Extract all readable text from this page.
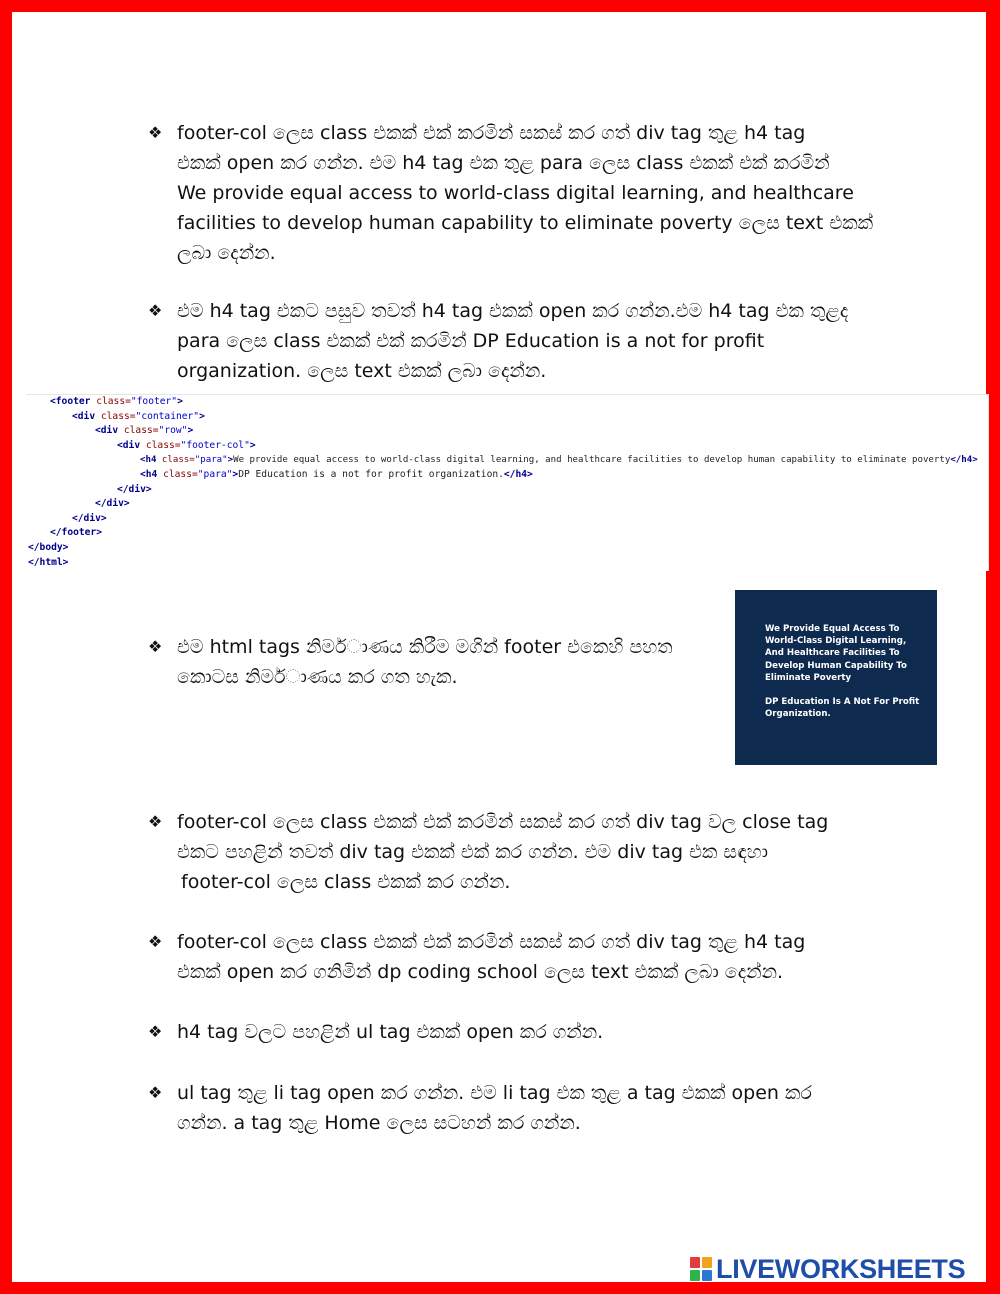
❖ footer-col ලෙස class එකක් එක් කරමින් සකස් කර ගත් div tag තුළ h4 tag
එකක් open කර ගන්න. එම h4 tag එක තුළ para ලෙස class එකක් එක් කරමින්
We provide equal access to world-class digital learning, and healthcare
facilities to develop human capability to eliminate poverty ලෙස text එකක්
ලබා දෙන්න.
❖ එම h4 tag එකට පසුව තවත් h4 tag එකක් open කර ගන්න.එම h4 tag එක තුළද
para ලෙස class එකක් එක් කරමින් DP Education is a not for profit
organization. ලෙස text එකක් ලබා දෙන්න.
<footer class="footer">
<div class="container">
<div class="row">
<div class="footer-col">
<h4 class="para">We provide equal access to world-class digital learning, and healthcare facilities to develop human capability to eliminate poverty</h4>
<h4 class="para">DP Education is a not for profit organization.</h4>
</div>
</div>
</div>
</footer>
</body>
</html>
❖ එම html tags නිමර්ාණය කිරීම මගින් footer එකෙහි පහත
කොටස නිමර්ාණය කර ගත හැක.
We Provide Equal Access To World-Class Digital Learning, And Healthcare Facilities To Develop Human Capability To Eliminate Poverty
DP Education Is A Not For Profit Organization.
❖ footer-col ලෙස class එකක් එක් කරමින් සකස් කර ගත් div tag වල close tag
එකට පහළින් තවත් div tag එකක් එක් කර ගන්න. එම div tag එක සඳහා
footer-col ලෙස class එකක් කර ගන්න.
❖ footer-col ලෙස class එකක් එක් කරමින් සකස් කර ගත් div tag තුළ h4 tag
එකක් open කර ගනිමින් dp coding school ලෙස text එකක් ලබා දෙන්න.
❖ h4 tag වලට පහළින් ul tag එකක් open කර ගන්න.
❖ ul tag තුළ li tag open කර ගන්න. එම li tag එක තුළ a tag එකක් open කර
ගන්න. a tag තුළ Home ලෙස සටහන් කර ගන්න.
LIVEWORKSHEETS
